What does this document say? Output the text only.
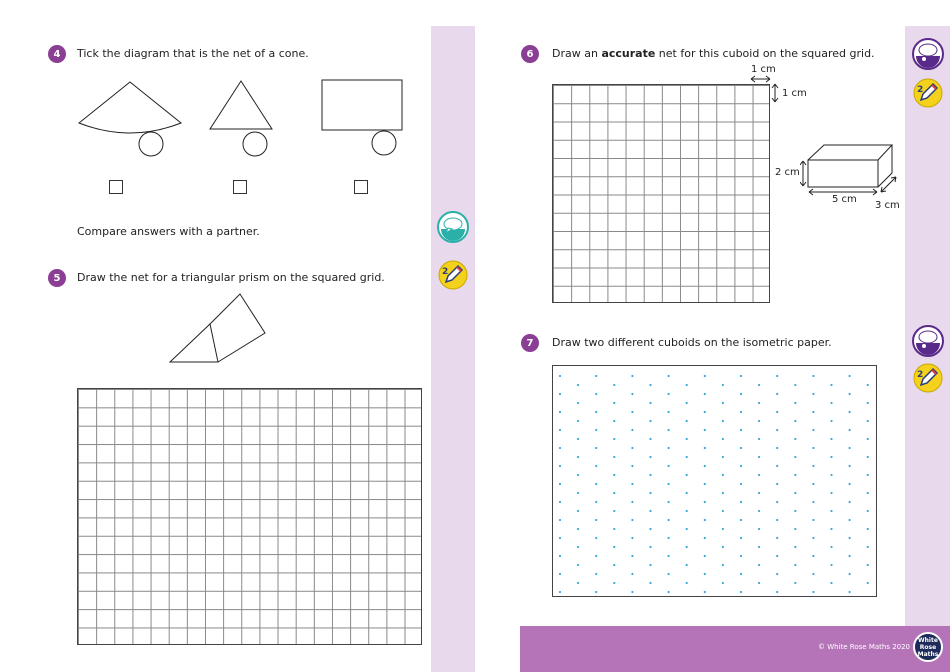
4	Tick the diagram that is the net of a cone.
Compare answers with a partner.
5	Draw the net for a triangular prism on the squared grid.	2
6	Draw an accurate net for this cuboid on the squared grid.
2
1 cm
1 cm
2 cm
5 cm
3 cm
7	Draw two different cuboids on the isometric paper.
2
© White Rose Maths 2020
White
Rose
Maths
